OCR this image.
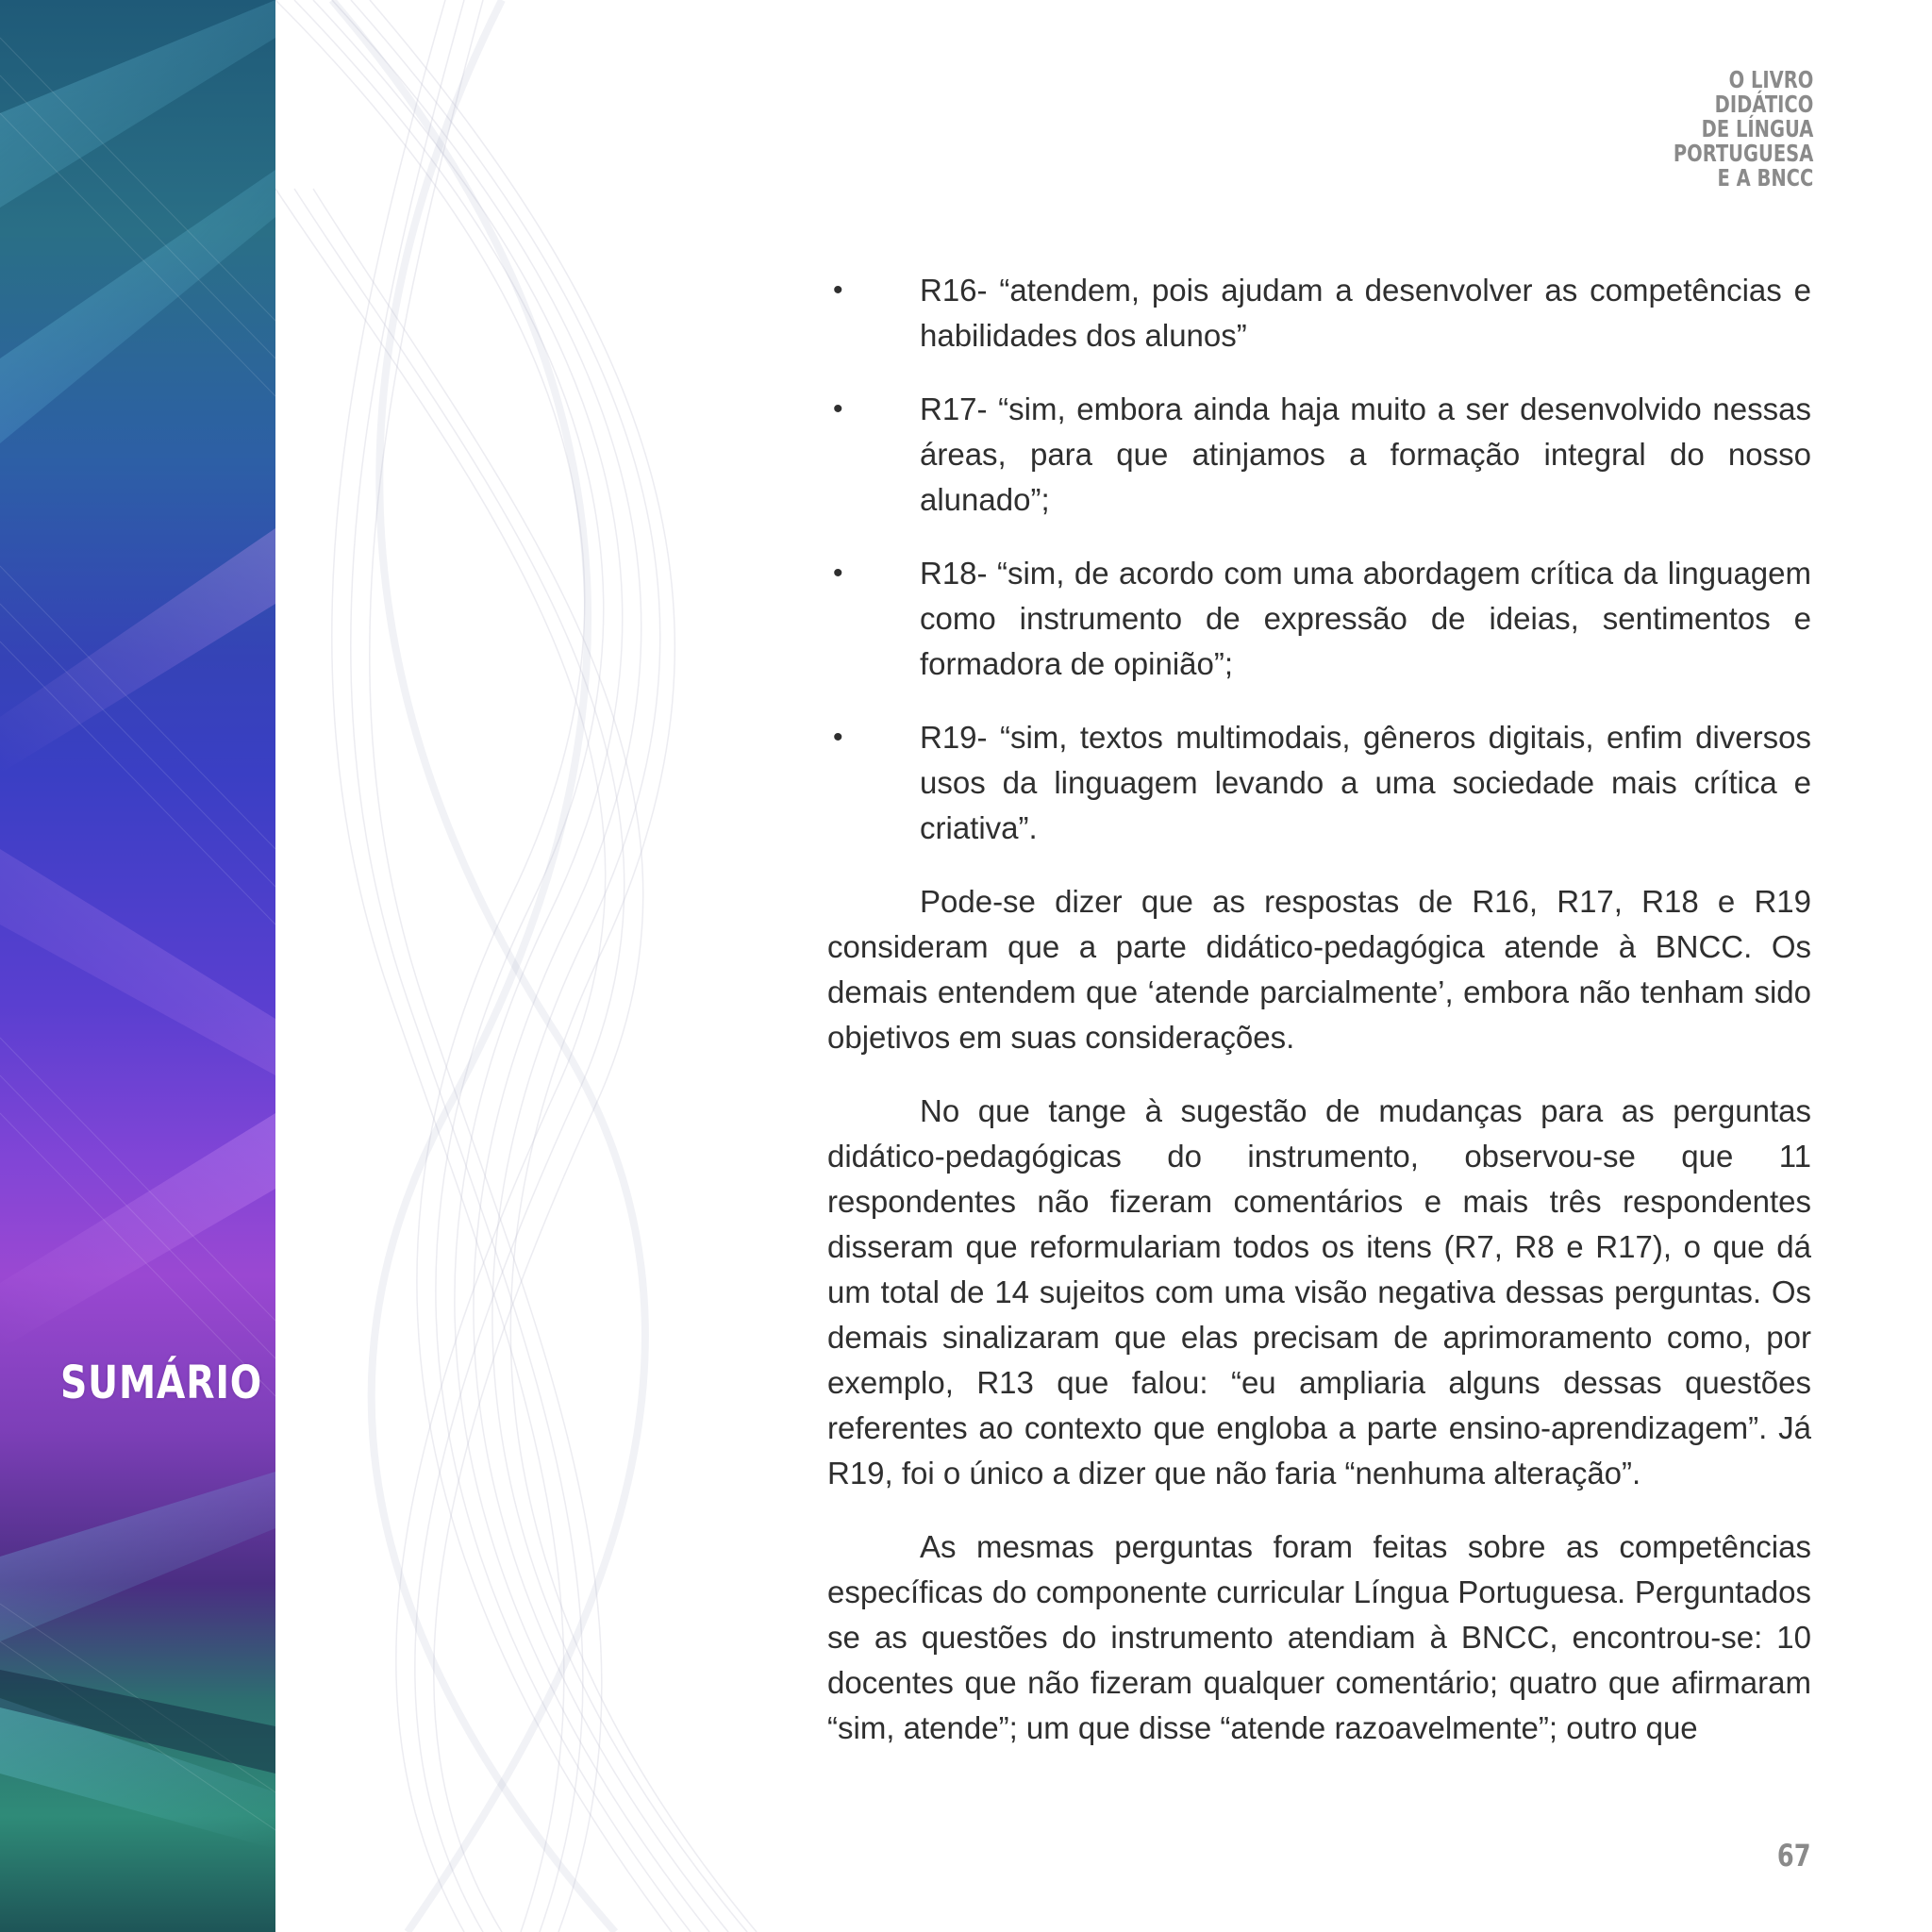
SUMÁRIO
O LIVRO
DIDÁTICO
DE LÍNGUA
PORTUGUESA
E A BNCC
• R16- “atendem, pois ajudam a desenvolver as competências e habilidades dos alunos”
• R17- “sim, embora ainda haja muito a ser desenvolvido nessas áreas, para que atinjamos a formação integral do nosso alunado”;
• R18- “sim, de acordo com uma abordagem crítica da linguagem como instrumento de expressão de ideias, sentimentos e formadora de opinião”;
• R19- “sim, textos multimodais, gêneros digitais, enfim diversos usos da linguagem levando a uma sociedade mais crítica e criativa”.

Pode-se dizer que as respostas de R16, R17, R18 e R19 consideram que a parte didático-pedagógica atende à BNCC. Os demais entendem que ‘atende parcialmente’, embora não tenham sido objetivos em suas considerações.

No que tange à sugestão de mudanças para as perguntas didático-pedagógicas do instrumento, observou-se que 11 respondentes não fizeram comentários e mais três respondentes disseram que reformulariam todos os itens (R7, R8 e R17), o que dá um total de 14 sujeitos com uma visão negativa dessas perguntas. Os demais sinalizaram que elas precisam de aprimoramento como, por exemplo, R13 que falou: “eu ampliaria alguns dessas questões referentes ao contexto que engloba a parte ensino-aprendizagem”. Já R19, foi o único a dizer que não faria “nenhuma alteração”.

As mesmas perguntas foram feitas sobre as competências específicas do componente curricular Língua Portuguesa. Perguntados se as questões do instrumento atendiam à BNCC, encontrou-se: 10 docentes que não fizeram qualquer comentário; quatro que afirmaram “sim, atende”; um que disse “atende razoavelmente”; outro que

67
